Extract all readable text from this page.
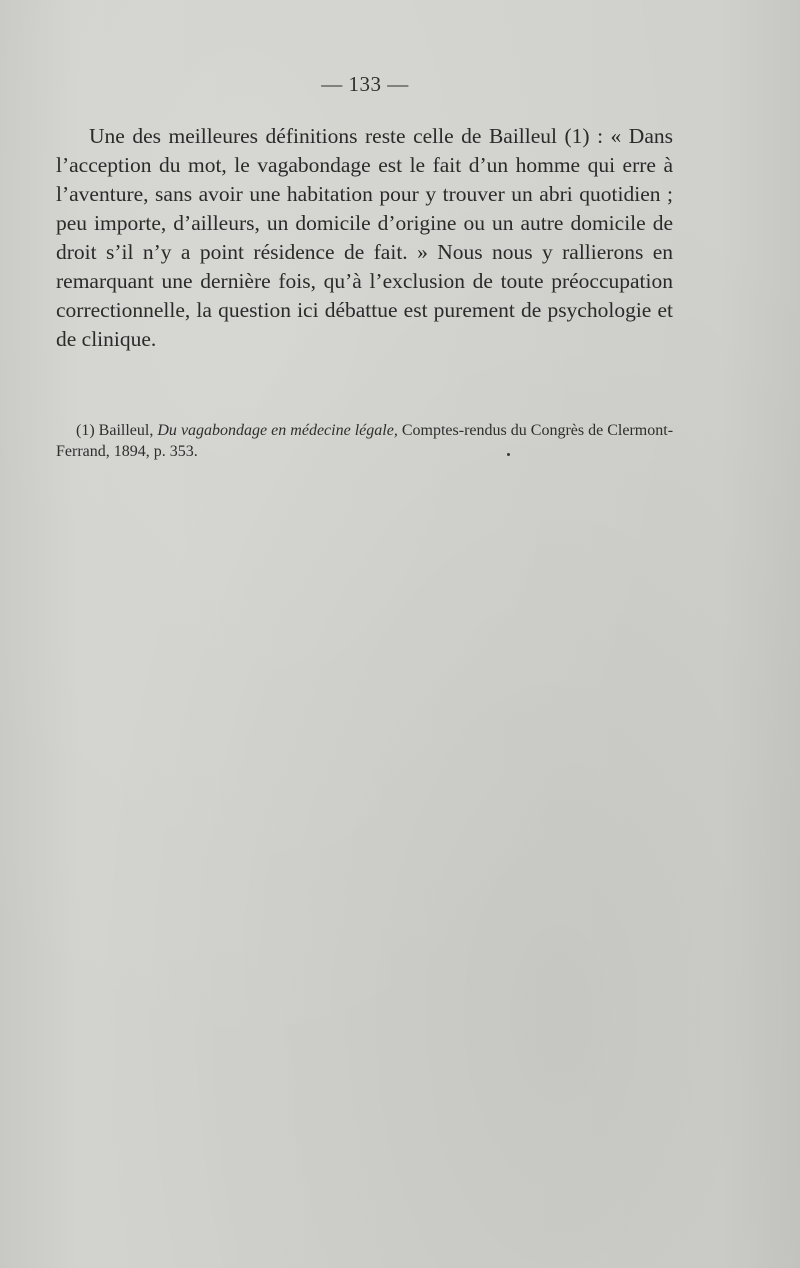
— 133 —

Une des meilleures définitions reste celle de Bailleul (1) : « Dans l’acception du mot, le vagabondage est le fait d’un homme qui erre à l’aventure, sans avoir une habitation pour y trouver un abri quotidien ; peu importe, d’ailleurs, un domicile d’origine ou un autre domicile de droit s’il n’y a point résidence de fait. » Nous nous y rallierons en remarquant une dernière fois, qu’à l’exclusion de toute préoccupation correctionnelle, la question ici débattue est purement de psychologie et de clinique.

(1) Bailleul, Du vagabondage en médecine légale, Comptes-rendus du Congrès de Clermont-Ferrand, 1894, p. 353.
